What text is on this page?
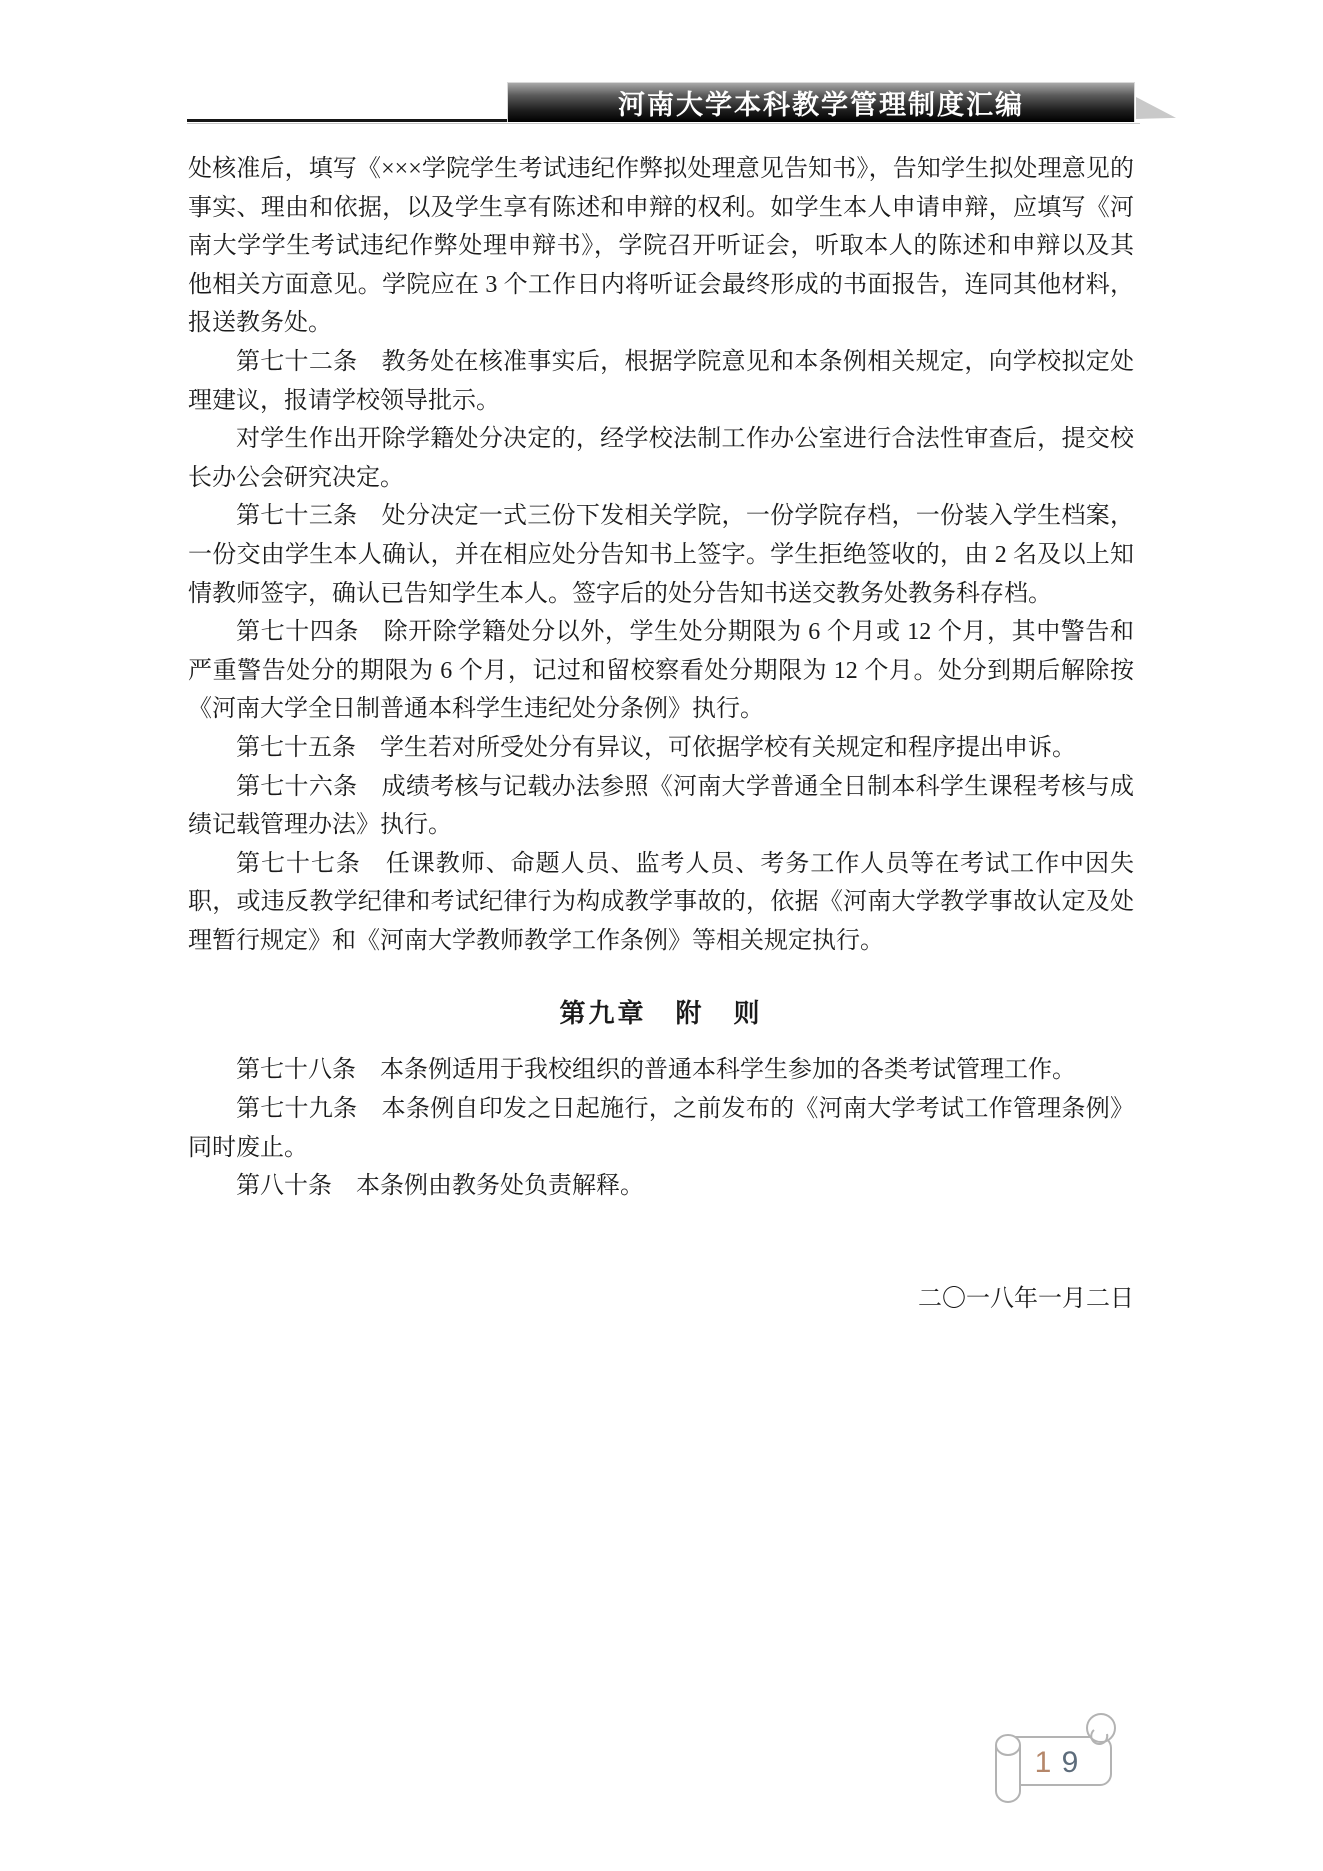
河南大学本科教学管理制度汇编

处核准后，填写《×××学院学生考试违纪作弊拟处理意见告知书》，告知学生拟处理意见的事实、理由和依据，以及学生享有陈述和申辩的权利。如学生本人申请申辩，应填写《河南大学学生考试违纪作弊处理申辩书》，学院召开听证会，听取本人的陈述和申辩以及其他相关方面意见。学院应在 3 个工作日内将听证会最终形成的书面报告，连同其他材料，报送教务处。

第七十二条　教务处在核准事实后，根据学院意见和本条例相关规定，向学校拟定处理建议，报请学校领导批示。

对学生作出开除学籍处分决定的，经学校法制工作办公室进行合法性审查后，提交校长办公会研究决定。

第七十三条　处分决定一式三份下发相关学院，一份学院存档，一份装入学生档案，一份交由学生本人确认，并在相应处分告知书上签字。学生拒绝签收的，由 2 名及以上知情教师签字，确认已告知学生本人。签字后的处分告知书送交教务处教务科存档。

第七十四条　除开除学籍处分以外，学生处分期限为 6 个月或 12 个月，其中警告和严重警告处分的期限为 6 个月，记过和留校察看处分期限为 12 个月。处分到期后解除按《河南大学全日制普通本科学生违纪处分条例》执行。

第七十五条　学生若对所受处分有异议，可依据学校有关规定和程序提出申诉。

第七十六条　成绩考核与记载办法参照《河南大学普通全日制本科学生课程考核与成绩记载管理办法》执行。

第七十七条　任课教师、命题人员、监考人员、考务工作人员等在考试工作中因失职，或违反教学纪律和考试纪律行为构成教学事故的，依据《河南大学教学事故认定及处理暂行规定》和《河南大学教师教学工作条例》等相关规定执行。

第九章　附　则

第七十八条　本条例适用于我校组织的普通本科学生参加的各类考试管理工作。

第七十九条　本条例自印发之日起施行，之前发布的《河南大学考试工作管理条例》同时废止。

第八十条　本条例由教务处负责解释。

二〇一八年一月二日

1 9
